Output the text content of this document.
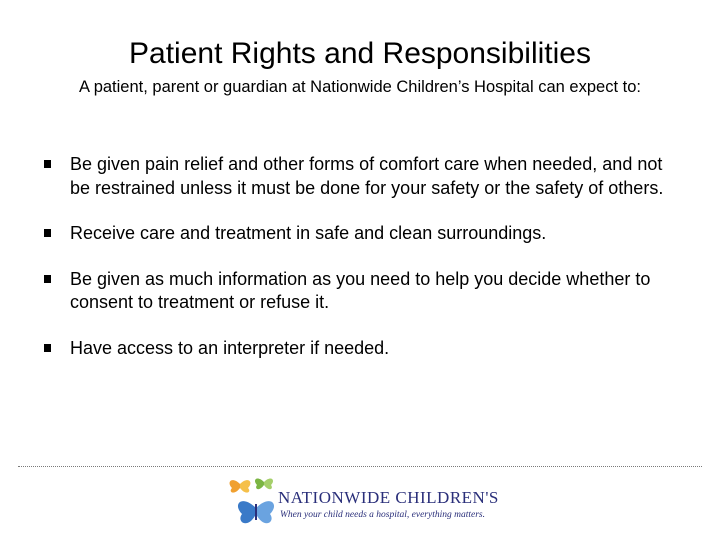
Patient Rights and Responsibilities
A patient, parent or guardian at Nationwide Children’s Hospital can expect to:
Be given pain relief and other forms of comfort care when needed, and not be restrained unless it must be done for your safety or the safety of others.
Receive care and treatment in safe and clean surroundings.
Be given as much information as you need to help you decide whether to consent to treatment or refuse it.
Have access to an interpreter if needed.
NATIONWIDE CHILDREN'S
When your child needs a hospital, everything matters.
